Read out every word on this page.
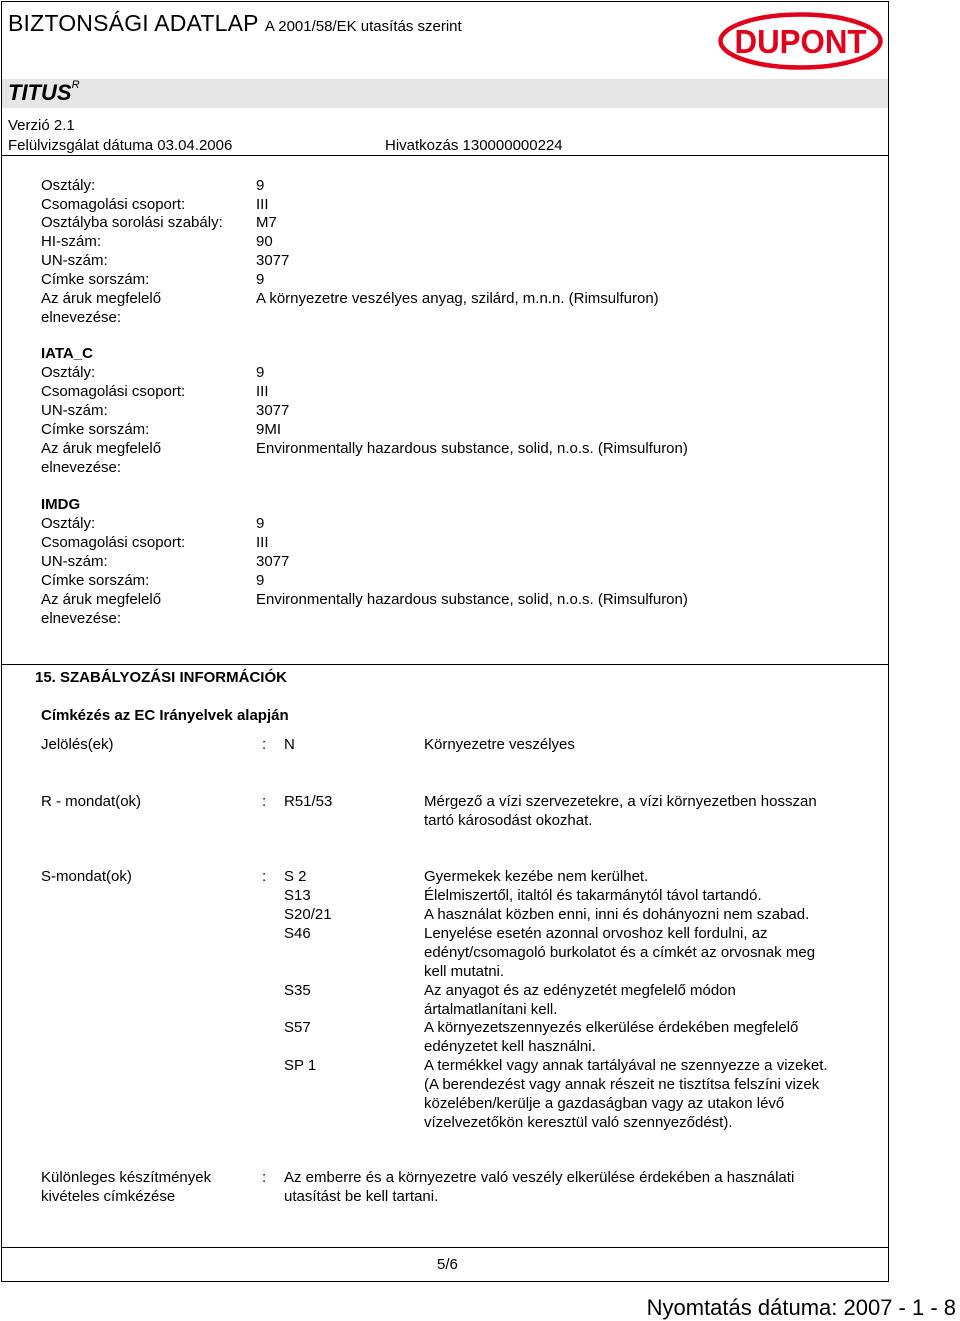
BIZTONSÁGI ADATLAP A 2001/58/EK utasítás szerint	DUPONT
$TITUS^R$
Verzió 2.1
Felülvizsgálat dátuma 03.04.2006	Hivatkozás 130000000224
Osztály:	9
Csomagolási csoport:	III
Osztályba sorolási szabály: M7
HI-szám:	90
UN-szám:	3077
Címke sorszám:	9
Az áruk megfelelő	A környezetre veszélyes anyag, szilárd, m.n.n. (Rimsulfuron)
elnevezése:
IATA_C
Osztály:	9
Csomagolási csoport:	III
UN-szám:	3077
Címke sorszám:	9MI
Az áruk megfelelő	Environmentally hazardous substance, solid, n.o.s. (Rimsulfuron)
elnevezése:
IMDG
Osztály:	9
Csomagolási csoport:	III
UN-szám:	3077
Címke sorszám:	9
Az áruk megfelelő	Environmentally hazardous substance, solid, n.o.s. (Rimsulfuron)
elnevezése:
15. SZABÁLYOZÁSI INFORMÁCIÓK
Címkézés az EC Irányelvek alapján
Jelölés(ek)	: N	Környezetre veszélyes
R - mondat(ok)	: R51/53	Mérgező a vízi szervezetekre, a vízi környezetben hosszan
tartó károsodást okozhat.
S-mondat(ok)	: S 2	Gyermekek kezébe nem kerülhet.
S13	Élelmiszertől, italtól és takarmánytól távol tartandó.
S20/21	A használat közben enni, inni és dohányozni nem szabad.
S46	Lenyelése esetén azonnal orvoshoz kell fordulni, az
edényt/csomagoló burkolatot és a címkét az orvosnak meg
kell mutatni.
S35	Az anyagot és az edényzetét megfelelő módon
ártalmatlanítani kell.
S57	A környezetszennyezés elkerülése érdekében megfelelő
edényzetet kell használni.
SP 1	A termékkel vagy annak tartályával ne szennyezze a vizeket.
(A berendezést vagy annak részeit ne tisztítsa felszíni vizek
közelében/kerülje a gazdaságban vagy az utakon lévő
vízelvezetőkön keresztül való szennyeződést).
Különleges készítmények
kivételes címkézése
: Az emberre és a környezetre való veszély elkerülése érdekében a használati
utasítást be kell tartani.
5/6
Nyomtatás dátuma: 2007 - 1 - 8
